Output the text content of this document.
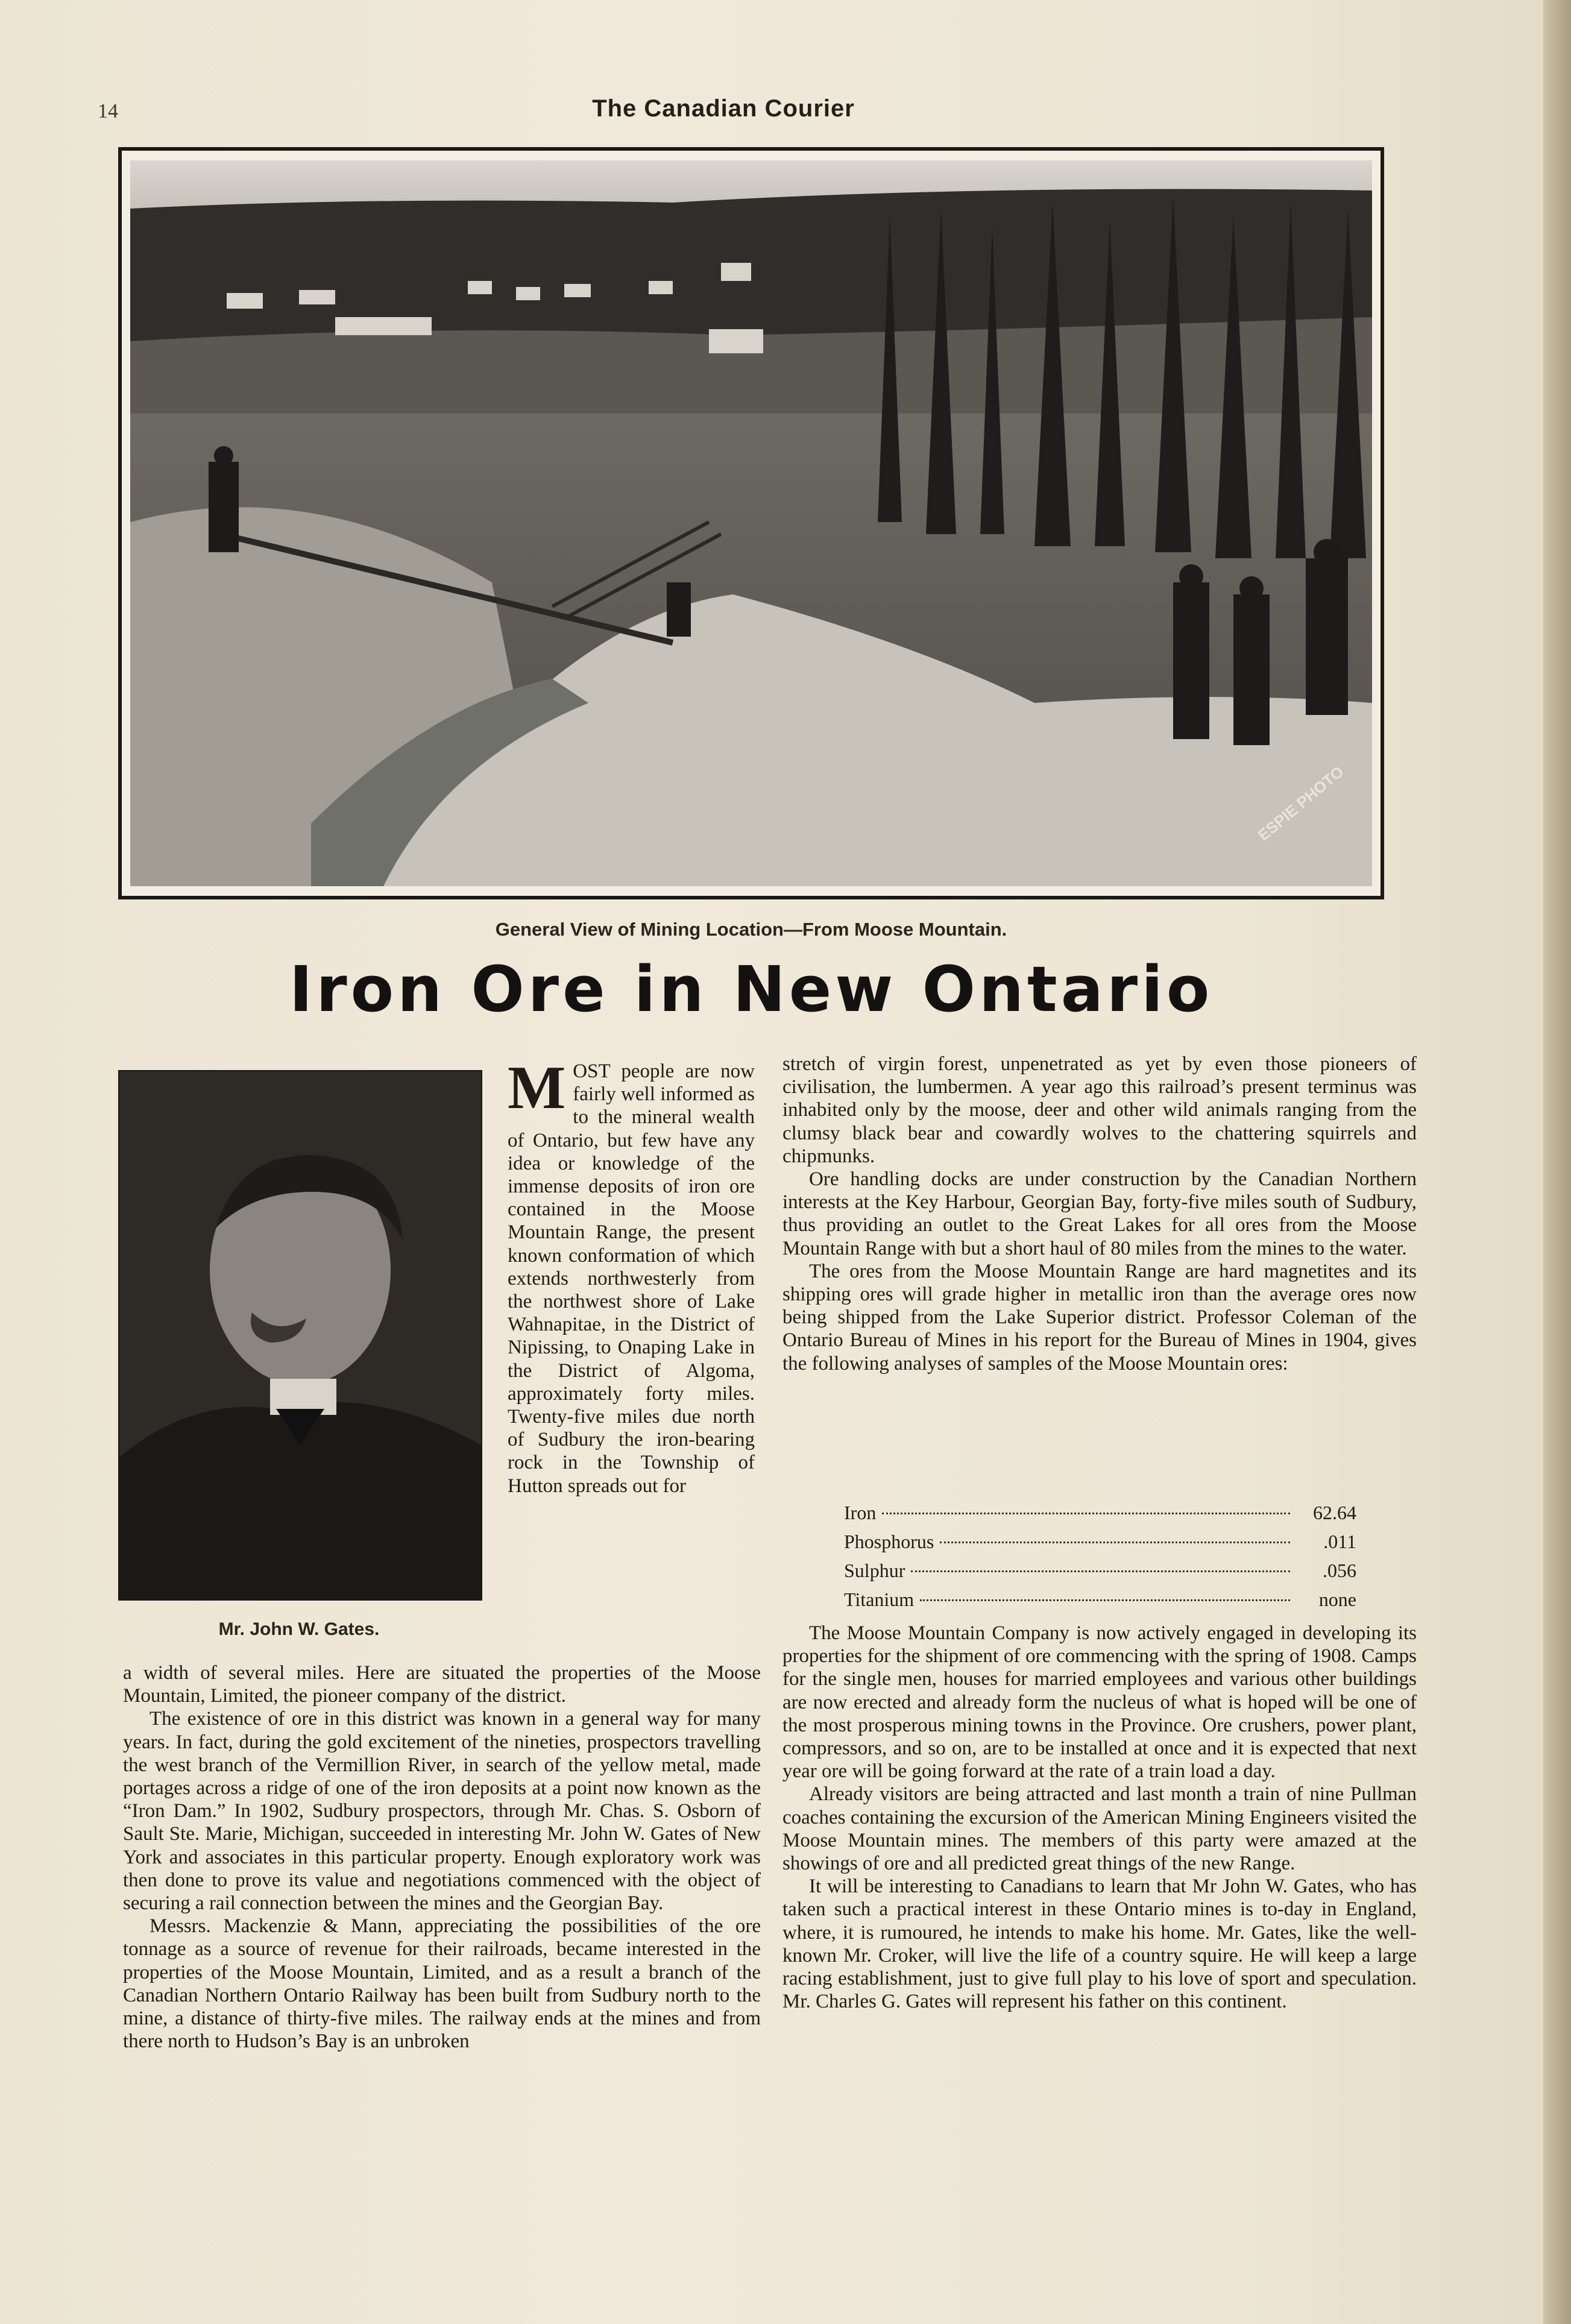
14	The Canadian Courier
ESPIE PHOTO
General View of Mining Location—From Moose Mountain.
Iron Ore in New Ontario
Mr. John W. Gates.

MOST people are now fairly well informed as to the mineral wealth of Ontario, but few have any idea or knowledge of the immense deposits of iron ore contained in the Moose Mountain Range, the present known conformation of which extends northwesterly from the northwest shore of Lake Wahnapitae, in the District of Nipissing, to Onaping Lake in the District of Algoma, approximately forty miles. Twenty-five miles due north of Sudbury the iron-bearing rock in the Township of Hutton spreads out for

a width of several miles. Here are situated the properties of the Moose Mountain, Limited, the pioneer company of the district.

The existence of ore in this district was known in a general way for many years. In fact, during the gold excitement of the nineties, prospectors travelling the west branch of the Vermillion River, in search of the yellow metal, made portages across a ridge of one of the iron deposits at a point now known as the “Iron Dam.” In 1902, Sudbury prospectors, through Mr. Chas. S. Osborn of Sault Ste. Marie, Michigan, succeeded in interesting Mr. John W. Gates of New York and associates in this particular property. Enough exploratory work was then done to prove its value and negotiations commenced with the object of securing a rail connection between the mines and the Georgian Bay.

Messrs. Mackenzie & Mann, appreciating the possibilities of the ore tonnage as a source of revenue for their railroads, became interested in the properties of the Moose Mountain, Limited, and as a result a branch of the Canadian Northern Ontario Railway has been built from Sudbury north to the mine, a distance of thirty-five miles. The railway ends at the mines and from there north to Hudson’s Bay is an unbroken

stretch of virgin forest, unpenetrated as yet by even those pioneers of civilisation, the lumbermen. A year ago this railroad’s present terminus was inhabited only by the moose, deer and other wild animals ranging from the clumsy black bear and cowardly wolves to the chattering squirrels and chipmunks.

Ore handling docks are under construction by the Canadian Northern interests at the Key Harbour, Georgian Bay, forty-five miles south of Sudbury, thus providing an outlet to the Great Lakes for all ores from the Moose Mountain Range with but a short haul of 80 miles from the mines to the water.

The ores from the Moose Mountain Range are hard magnetites and its shipping ores will grade higher in metallic iron than the average ores now being shipped from the Lake Superior district. Professor Coleman of the Ontario Bureau of Mines in his report for the Bureau of Mines in 1904, gives the following analyses of samples of the Moose Mountain ores:

Iron	62.64
Phosphorus	.011
Sulphur	.056
Titanium	none

The Moose Mountain Company is now actively engaged in developing its properties for the shipment of ore commencing with the spring of 1908. Camps for the single men, houses for married employees and various other buildings are now erected and already form the nucleus of what is hoped will be one of the most prosperous mining towns in the Province. Ore crushers, power plant, compressors, and so on, are to be installed at once and it is expected that next year ore will be going forward at the rate of a train load a day.

Already visitors are being attracted and last month a train of nine Pullman coaches containing the excursion of the American Mining Engineers visited the Moose Mountain mines. The members of this party were amazed at the showings of ore and all predicted great things of the new Range.

It will be interesting to Canadians to learn that Mr John W. Gates, who has taken such a practical interest in these Ontario mines is to-day in England, where, it is rumoured, he intends to make his home. Mr. Gates, like the well-known Mr. Croker, will live the life of a country squire. He will keep a large racing establishment, just to give full play to his love of sport and speculation. Mr. Charles G. Gates will represent his father on this continent.
